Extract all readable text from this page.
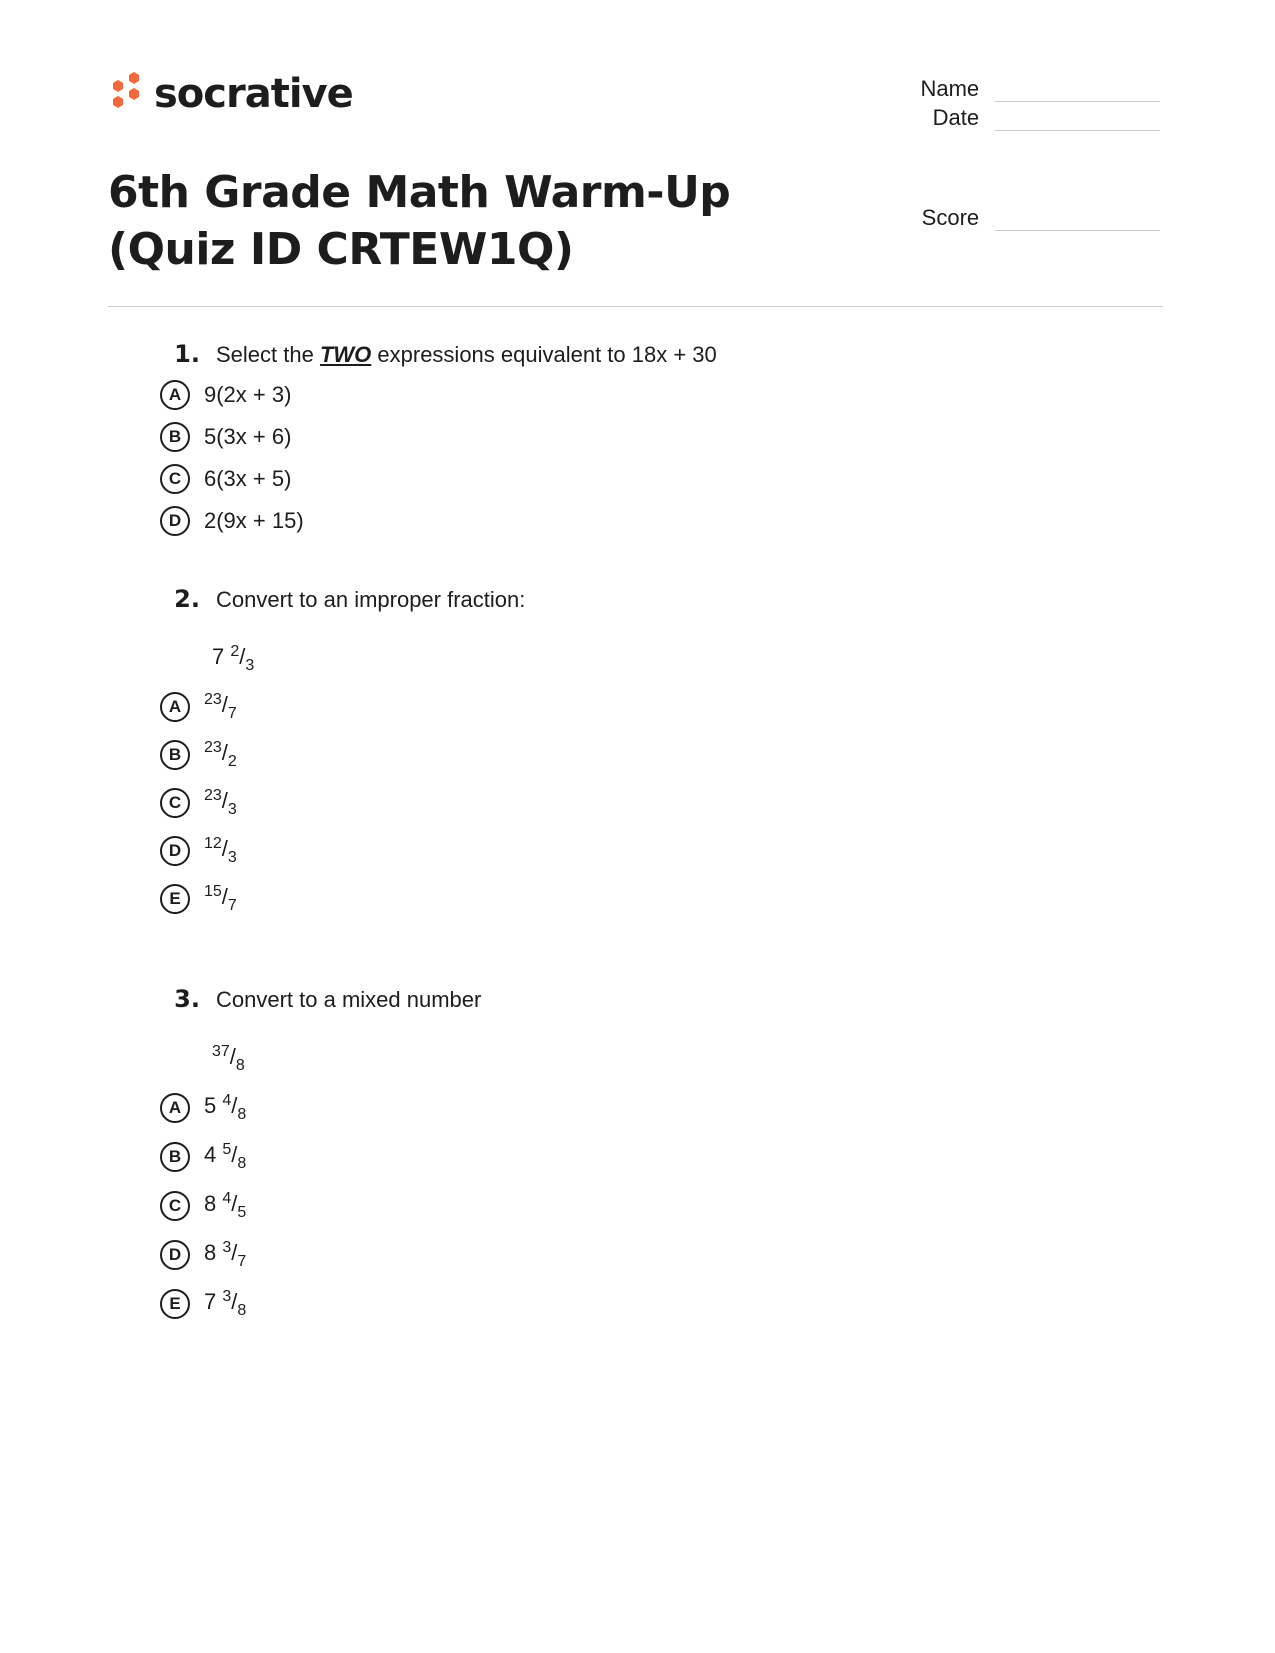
socrative	Name
Date
Score
6th Grade Math Warm-Up (Quiz ID CRTEW1Q)
1. Select the TWO expressions equivalent to 18x + 30
A	9(2x + 3)
B	5(3x + 6)
C	6(3x + 5)
D	2(9x + 15)
2. Convert to an improper fraction:
7 $^2/_3$
A	$^{23}/_7$
B	$^{23}/_2$
C	$^{23}/_3$
D	$^{12}/_3$
E	$^{15}/_7$
3. Convert to a mixed number
$^{37}/_8$
A	5 $^4/_8$
B	4 $^5/_8$
C	8 $^4/_5$
D	8 $^3/_7$
E	7 $^3/_8$
